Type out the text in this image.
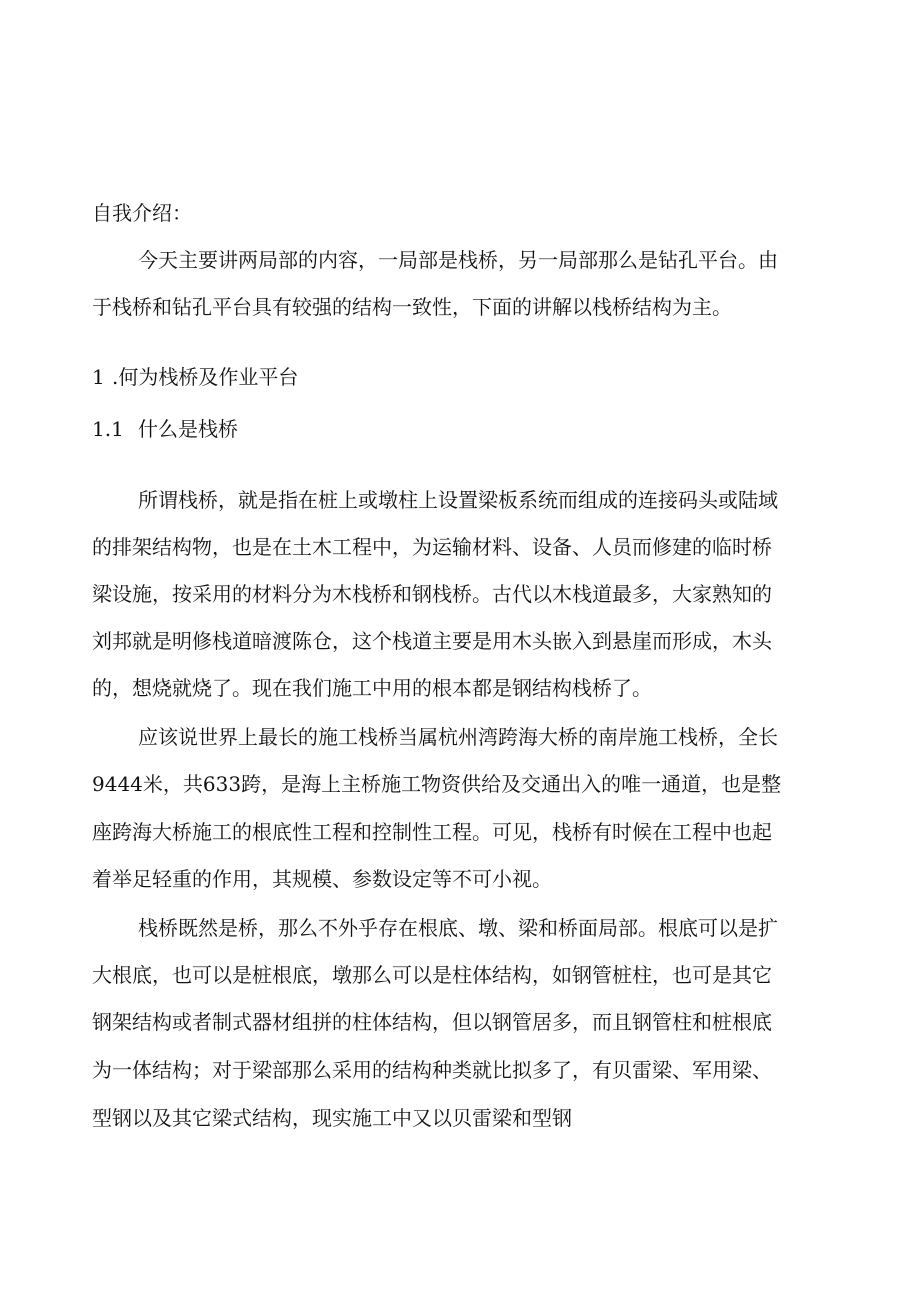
自我介绍：
今天主要讲两局部的内容，一局部是栈桥，另一局部那么是钻孔平台。由
于栈桥和钻孔平台具有较强的结构一致性，下面的讲解以栈桥结构为主。
1 .何为栈桥及作业平台
1.1 什么是栈桥
所谓栈桥，就是指在桩上或墩柱上设置梁板系统而组成的连接码头或陆域
的排架结构物，也是在土木工程中，为运输材料、设备、人员而修建的临时桥
梁设施，按采用的材料分为木栈桥和钢栈桥。古代以木栈道最多，大家熟知的
刘邦就是明修栈道暗渡陈仓，这个栈道主要是用木头嵌入到悬崖而形成，木头
的，想烧就烧了。现在我们施工中用的根本都是钢结构栈桥了。
应该说世界上最长的施工栈桥当属杭州湾跨海大桥的南岸施工栈桥，全长
9444米，共633跨，是海上主桥施工物资供给及交通出入的唯一通道，也是整
座跨海大桥施工的根底性工程和控制性工程。可见，栈桥有时候在工程中也起
着举足轻重的作用，其规模、参数设定等不可小视。
栈桥既然是桥，那么不外乎存在根底、墩、梁和桥面局部。根底可以是扩
大根底，也可以是桩根底，墩那么可以是柱体结构，如钢管桩柱，也可是其它
钢架结构或者制式器材组拼的柱体结构，但以钢管居多，而且钢管柱和桩根底
为一体结构；对于梁部那么采用的结构种类就比拟多了，有贝雷梁、军用梁、
型钢以及其它梁式结构，现实施工中又以贝雷梁和型钢
